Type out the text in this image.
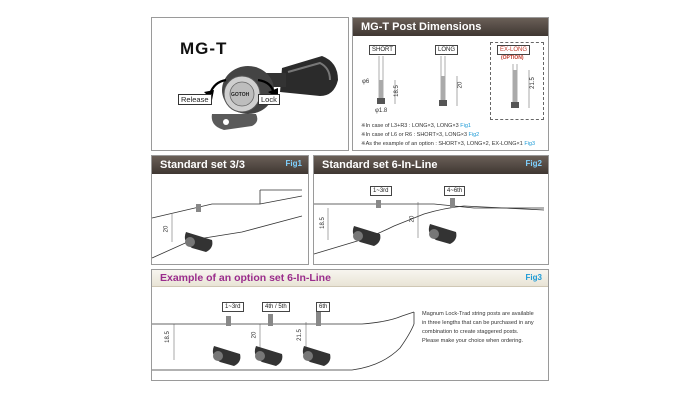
MG-T
Release	Lock
GOTOH
MG-T Post Dimensions
SHORT	LONG	EX-LONG
(OPTION)
φ6
18.5
20	21.5
φ1.8
※In case of L3+R3 : LONG×3, LONG×3 Fig1
※In case of L6 or R6 : SHORT×3, LONG×3 Fig2
※As the example of an option : SHORT×3, LONG×2, EX-LONG×1 Fig3
Standard set 3/3	Fig1
20
Standard set 6-In-Line	Fig2
1~3rd	4~6th
18.5	20
Example of an option set 6-In-Line	Fig3
1~3rd	4th / 5th	6th
18.5	20	21.5
Magnum Lock-Trad string posts are available
in three lengths that can be purchased in any
combination to create staggered posts.
Please make your choice when ordering.
